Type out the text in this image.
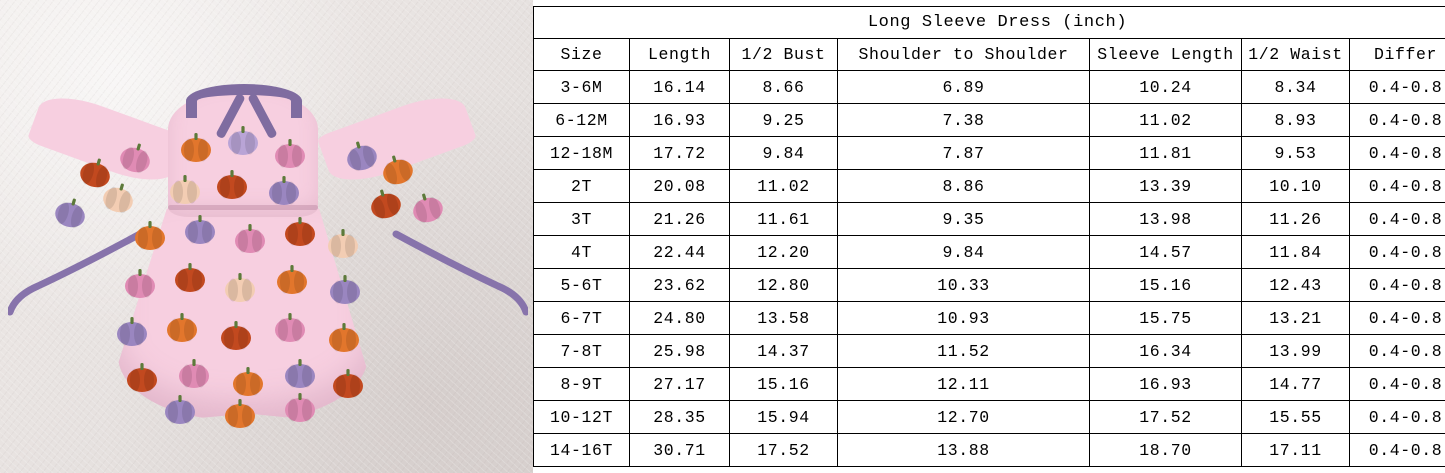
Long Sleeve Dress (inch)						
Size	Length	1/2 Bust	Shoulder to Shoulder	Sleeve Length	1/2 Waist	Differ
3-6M	16.14	8.66	6.89	10.24	8.34	0.4-0.8
6-12M	16.93	9.25	7.38	11.02	8.93	0.4-0.8
12-18M	17.72	9.84	7.87	11.81	9.53	0.4-0.8
2T	20.08	11.02	8.86	13.39	10.10	0.4-0.8
3T	21.26	11.61	9.35	13.98	11.26	0.4-0.8
4T	22.44	12.20	9.84	14.57	11.84	0.4-0.8
5-6T	23.62	12.80	10.33	15.16	12.43	0.4-0.8
6-7T	24.80	13.58	10.93	15.75	13.21	0.4-0.8
7-8T	25.98	14.37	11.52	16.34	13.99	0.4-0.8
8-9T	27.17	15.16	12.11	16.93	14.77	0.4-0.8
10-12T	28.35	15.94	12.70	17.52	15.55	0.4-0.8
14-16T	30.71	17.52	13.88	18.70	17.11	0.4-0.8
